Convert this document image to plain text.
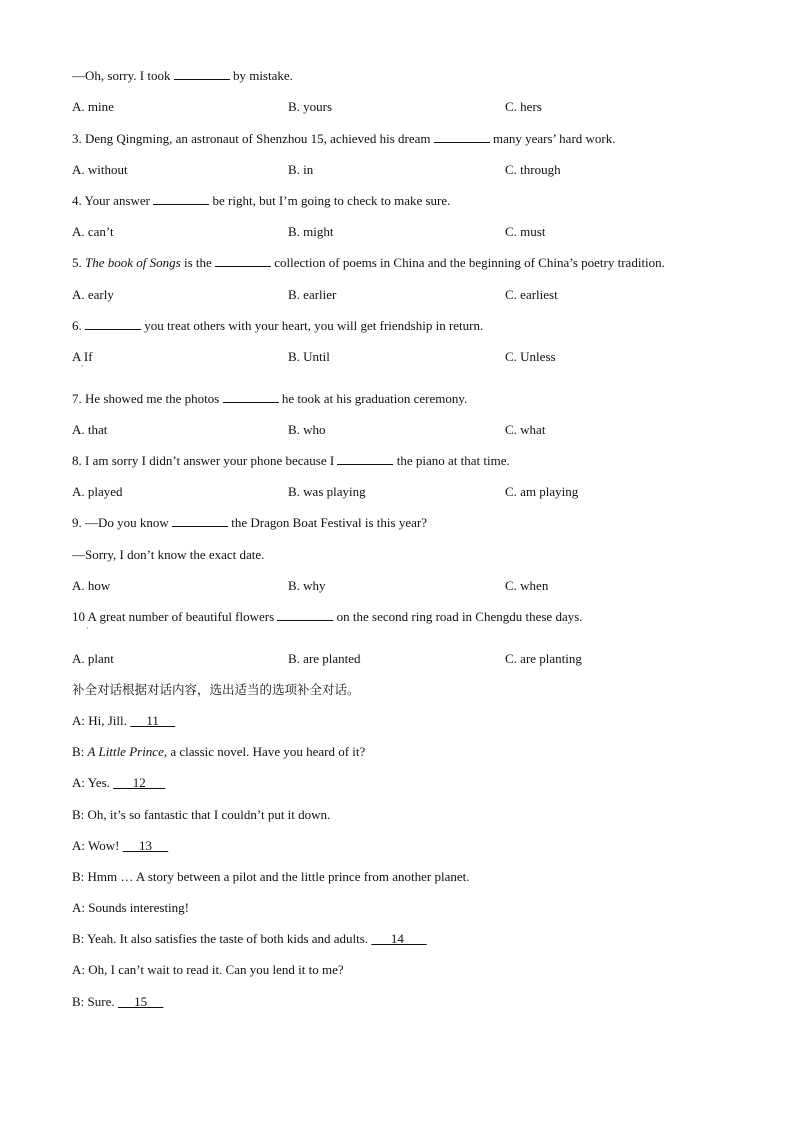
—Oh, sorry. I took	by mistake.
A. mine	B. yours	C. hers
3. Deng Qingming, an astronaut of Shenzhou 15, achieved his dream	many years’ hard work.
A. without	B. in	C. through
4. Your answer	be right, but I’m going to check to make sure.
A. can’t	B. might	C. must
5. The book of Songs is the	collection of poems in China and the beginning of China’s poetry tradition.
A. early	B. earlier	C. earliest
6.	you treat others with your heart, you will get friendship in return.
A If
·
B. Until	C. Unless
7. He showed me the photos	he took at his graduation ceremony.
A. that	B. who	C. what
8. I am sorry I didn’t answer your phone because I	the piano at that time.
A. played	B. was playing	C. am playing
9. —Do you know	the Dragon Boat Festival is this year?
—Sorry, I don’t know the exact date.
A. how	B. why	C. when
10 A great number of beautiful flowers	on the second ring road in Chengdu these days.
·
A. plant	B. are planted	C. are planting
补全对话根据对话内容，选出适当的选项补全对话。
A: Hi, Jill.      11
B: A Little Prince, a classic novel. Have you heard of it?
A: Yes.       12
B: Oh, it’s so fantastic that I couldn’t put it down.
A: Wow!      13
B: Hmm … A story between a pilot and the little prince from another planet.
A: Sounds interesting!
B: Yeah. It also satisfies the taste of both kids and adults.       14
A: Oh, I can’t wait to read it. Can you lend it to me?
B: Sure.      15
